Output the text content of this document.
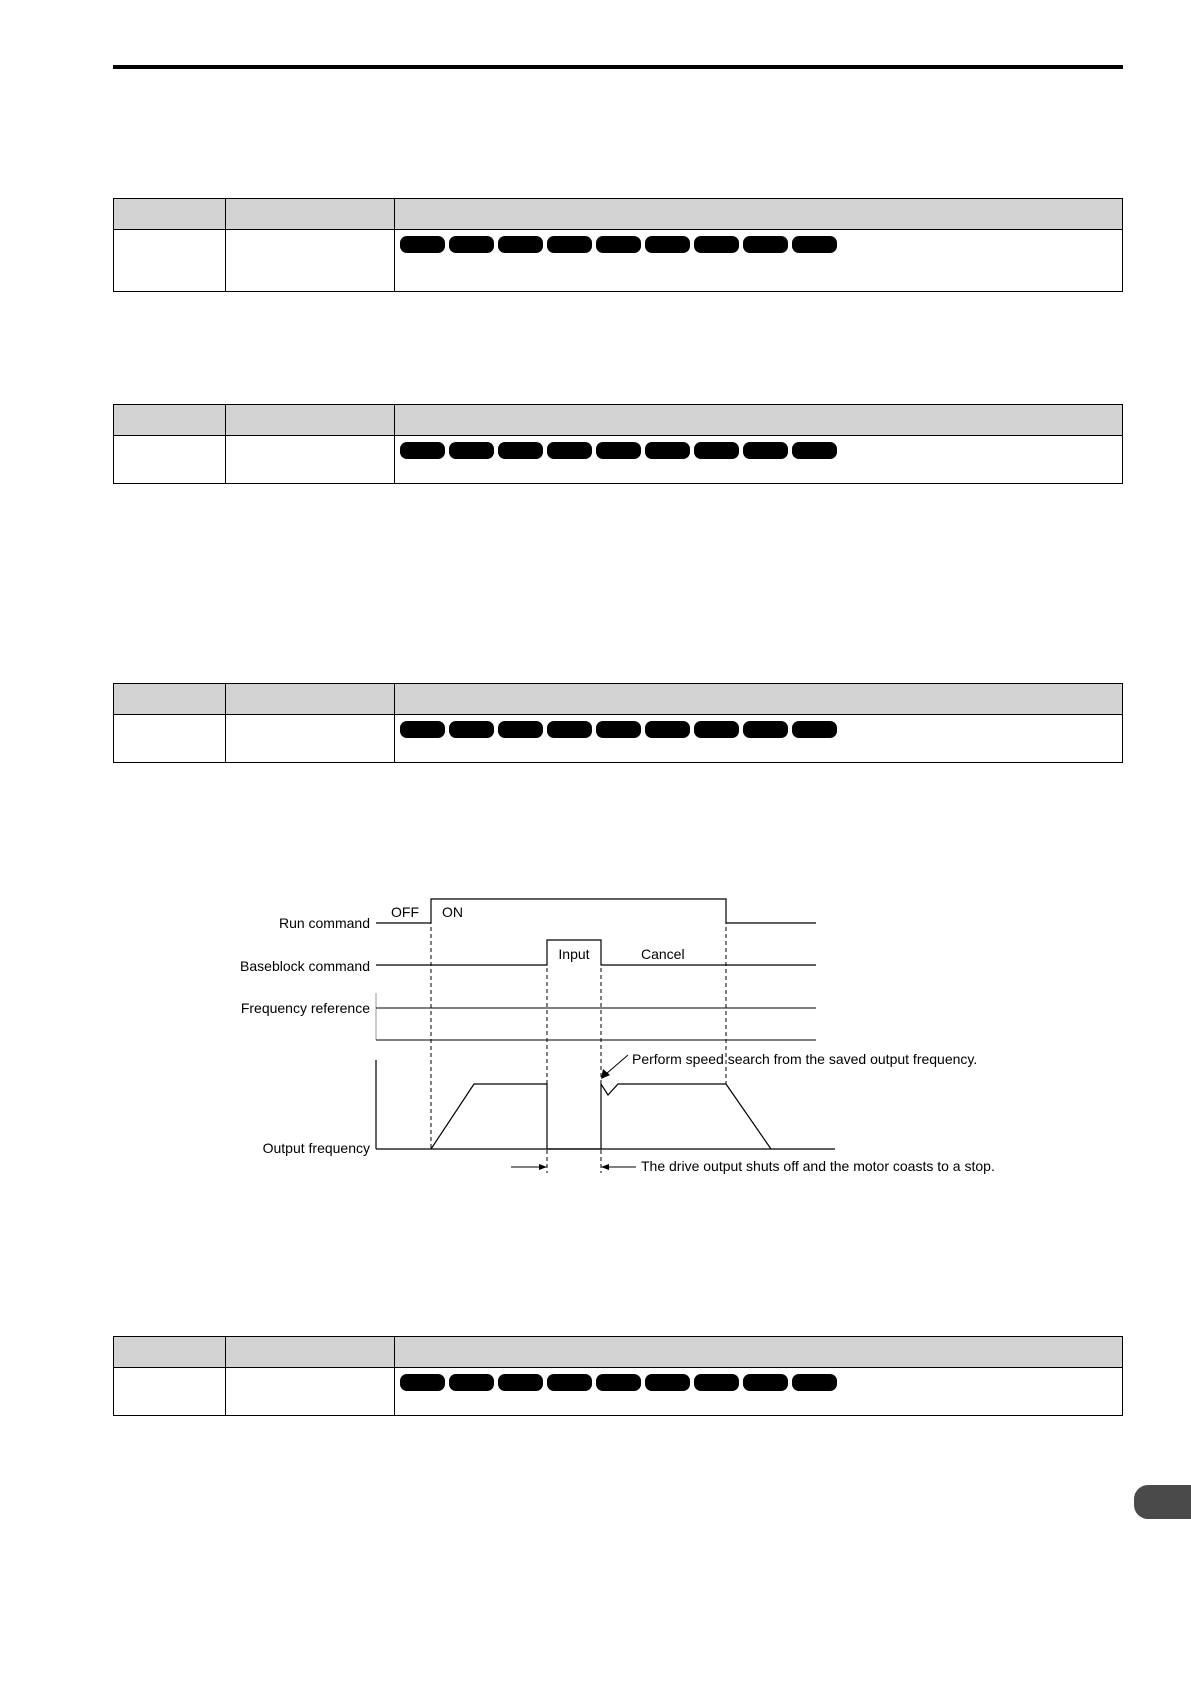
Run command
OFF ON
Baseblock command
Input	Cancel
Frequency reference
Output frequency
Perform speed search from the saved output frequency.
The drive output shuts off and the motor coasts to a stop.
